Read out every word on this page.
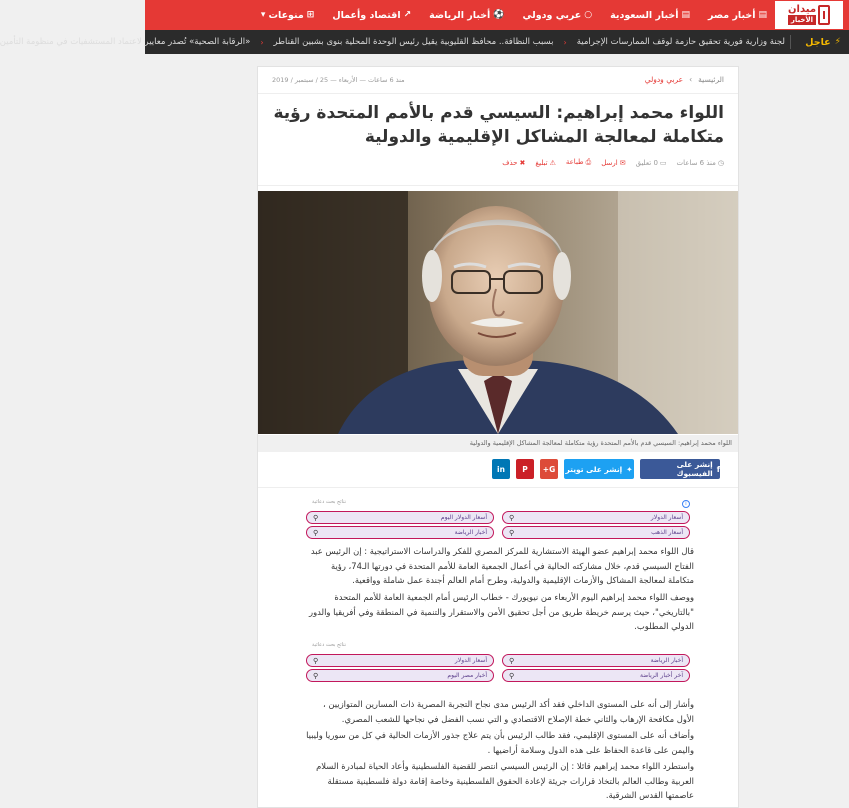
ميدان
الأخبار
▤
أخبار مصر
▤
أخبار السعودية
○
عربي ودولي
⚽
أخبار الرياضة
↗
اقتصاد وأعمال
⊞
منوعات
▾
⚡
عاجل
لجنة وزارية فورية تحقيق حازمة لوقف الممارسات الإجرامية
‹
بسبب النظافة.. محافظ القليوبية يقيل رئيس الوحدة المحلية بنوى بشبين القناطر
‹
«الرقابة الصحية» تُصدر معايير لاعتماد المستشفيات في منظومة التأمين
الرئيسية
›
عربي ودولي
منذ 6 ساعات — الأربعاء — 25 / سبتمبر / 2019
اللواء محمد إبراهيم: السيسي قدم بالأمم المتحدة رؤية متكاملة لمعالجة المشاكل الإقليمية والدولية
◷منذ 6 ساعات
▭0 تعليق
✉ارسل
⎙طباعة
⚠تبليغ
✖حذف
اللواء محمد إبراهيم: السيسي قدم بالأمم المتحدة رؤية متكاملة لمعالجة المشاكل الإقليمية والدولية
f
إنشر على الفيسبوك
✦
إنشر على تويتر
G+
P
in
i
نتائج بحث دعائية
أسعار الدولار
⚲
أسعار الدولار اليوم
⚲
أسعار الذهب
⚲
أخبار الرياضة
⚲

قال اللواء محمد إبراهيم عضو الهيئة الاستشارية للمركز المصري للفكر والدراسات الاستراتيجية : إن الرئيس عبد الفتاح السيسي قدم، خلال مشاركته الحالية في أعمال الجمعية العامة للأمم المتحدة في دورتها الـ74، رؤية متكاملة لمعالجة المشاكل والأزمات الإقليمية والدولية، وطرح أمام العالم أجندة عمل شاملة وواقعية.

ووصف اللواء محمد إبراهيم اليوم الأربعاء من نيويورك - خطاب الرئيس أمام الجمعية العامة للأمم المتحدة "بالتاريخي"، حيث يرسم خريطة طريق من أجل تحقيق الأمن والاستقرار والتنمية في المنطقة وفي أفريقيا والدور الدولي المطلوب.

نتائج بحث دعائية
أخبار الرياضة
⚲
أسعار الدولار
⚲
آخر أخبار الرياضة
⚲
أخبار مصر اليوم
⚲

وأشار إلى أنه على المستوى الداخلي فقد أكد الرئيس مدى نجاح التجربة المصرية ذات المسارين المتوازيين ، الأول مكافحة الإرهاب والثاني خطة الإصلاح الاقتصادي و التي نسب الفضل في نجاحها للشعب المصري.

وأضاف أنه على المستوى الإقليمي، فقد طالب الرئيس بأن يتم علاج جذور الأزمات الحالية في كل من سوريا وليبيا واليمن على قاعدة الحفاظ على هذه الدول وسلامة أراضيها .

واستطرد اللواء محمد إبراهيم قائلا : إن الرئيس السيسي انتصر للقضية الفلسطينية وأعاد الحياة لمبادرة السلام العربية وطالب العالم بالتخاذ قرارات جريئة لإعادة الحقوق الفلسطينية وخاصة إقامة دولة فلسطينية مستقلة عاصمتها القدس الشرقية.
